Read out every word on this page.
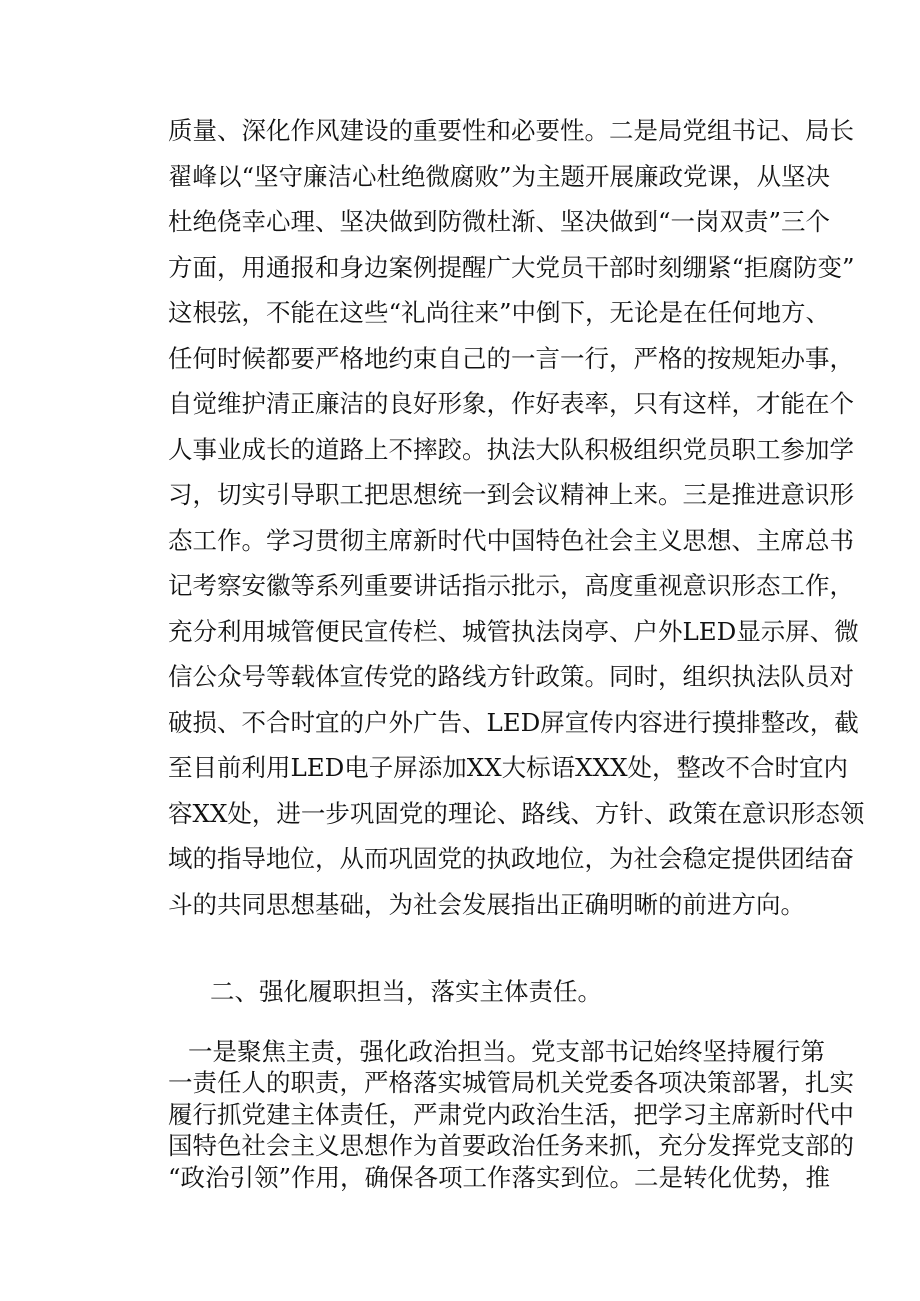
质量、深化作风建设的重要性和必要性。二是局党组书记、局长
翟峰以“坚守廉洁心杜绝微腐败”为主题开展廉政党课，从坚决
杜绝侥幸心理、坚决做到防微杜渐、坚决做到“一岗双责”三个
方面，用通报和身边案例提醒广大党员干部时刻绷紧“拒腐防变”
这根弦，不能在这些“礼尚往来”中倒下，无论是在任何地方、
任何时候都要严格地约束自己的一言一行，严格的按规矩办事，
自觉维护清正廉洁的良好形象，作好表率，只有这样，才能在个
人事业成长的道路上不摔跤。执法大队积极组织党员职工参加学
习，切实引导职工把思想统一到会议精神上来。三是推进意识形
态工作。学习贯彻主席新时代中国特色社会主义思想、主席总书
记考察安徽等系列重要讲话指示批示，高度重视意识形态工作，
充分利用城管便民宣传栏、城管执法岗亭、户外LED显示屏、微
信公众号等载体宣传党的路线方针政策。同时，组织执法队员对
破损、不合时宜的户外广告、LED屏宣传内容进行摸排整改，截
至目前利用LED电子屏添加XX大标语XXX处，整改不合时宜内
容XX处，进一步巩固党的理论、路线、方针、政策在意识形态领
域的指导地位，从而巩固党的执政地位，为社会稳定提供团结奋
斗的共同思想基础，为社会发展指出正确明晰的前进方向。
二、强化履职担当，落实主体责任。
一是聚焦主责，强化政治担当。党支部书记始终坚持履行第
一责任人的职责，严格落实城管局机关党委各项决策部署，扎实
履行抓党建主体责任，严肃党内政治生活，把学习主席新时代中
国特色社会主义思想作为首要政治任务来抓，充分发挥党支部的
“政治引领”作用，确保各项工作落实到位。二是转化优势，推
